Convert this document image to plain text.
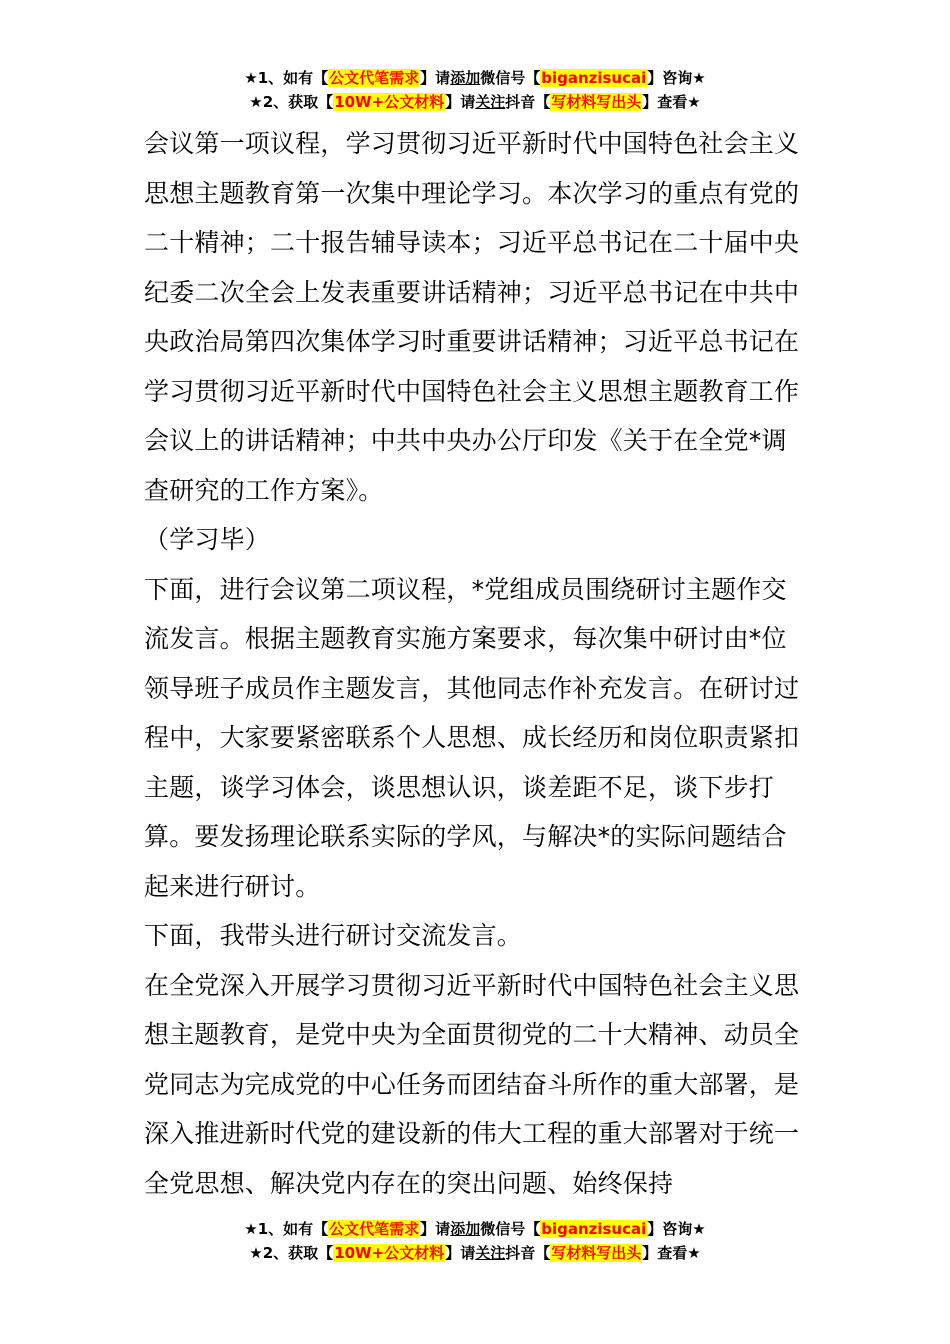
★1、如有【公文代笔需求】请添加微信号【biganzisucai】咨询★
★2、获取【10W+公文材料】请关注抖音【写材料写出头】查看★

会议第一项议程，学习贯彻习近平新时代中国特色社会主义思想主题教育第一次集中理论学习。本次学习的重点有党的二十精神；二十报告辅导读本；习近平总书记在二十届中央纪委二次全会上发表重要讲话精神；习近平总书记在中共中央政治局第四次集体学习时重要讲话精神；习近平总书记在学习贯彻习近平新时代中国特色社会主义思想主题教育工作会议上的讲话精神；中共中央办公厅印发《关于在全党*调查研究的工作方案》。

（学习毕）

下面，进行会议第二项议程，*党组成员围绕研讨主题作交流发言。根据主题教育实施方案要求，每次集中研讨由*位领导班子成员作主题发言，其他同志作补充发言。在研讨过程中，大家要紧密联系个人思想、成长经历和岗位职责紧扣主题，谈学习体会，谈思想认识，谈差距不足，谈下步打算。要发扬理论联系实际的学风，与解决*的实际问题结合起来进行研讨。

下面，我带头进行研讨交流发言。

在全党深入开展学习贯彻习近平新时代中国特色社会主义思想主题教育，是党中央为全面贯彻党的二十大精神、动员全党同志为完成党的中心任务而团结奋斗所作的重大部署，是深入推进新时代党的建设新的伟大工程的重大部署对于统一全党思想、解决党内存在的突出问题、始终保持

★1、如有【公文代笔需求】请添加微信号【biganzisucai】咨询★
★2、获取【10W+公文材料】请关注抖音【写材料写出头】查看★
